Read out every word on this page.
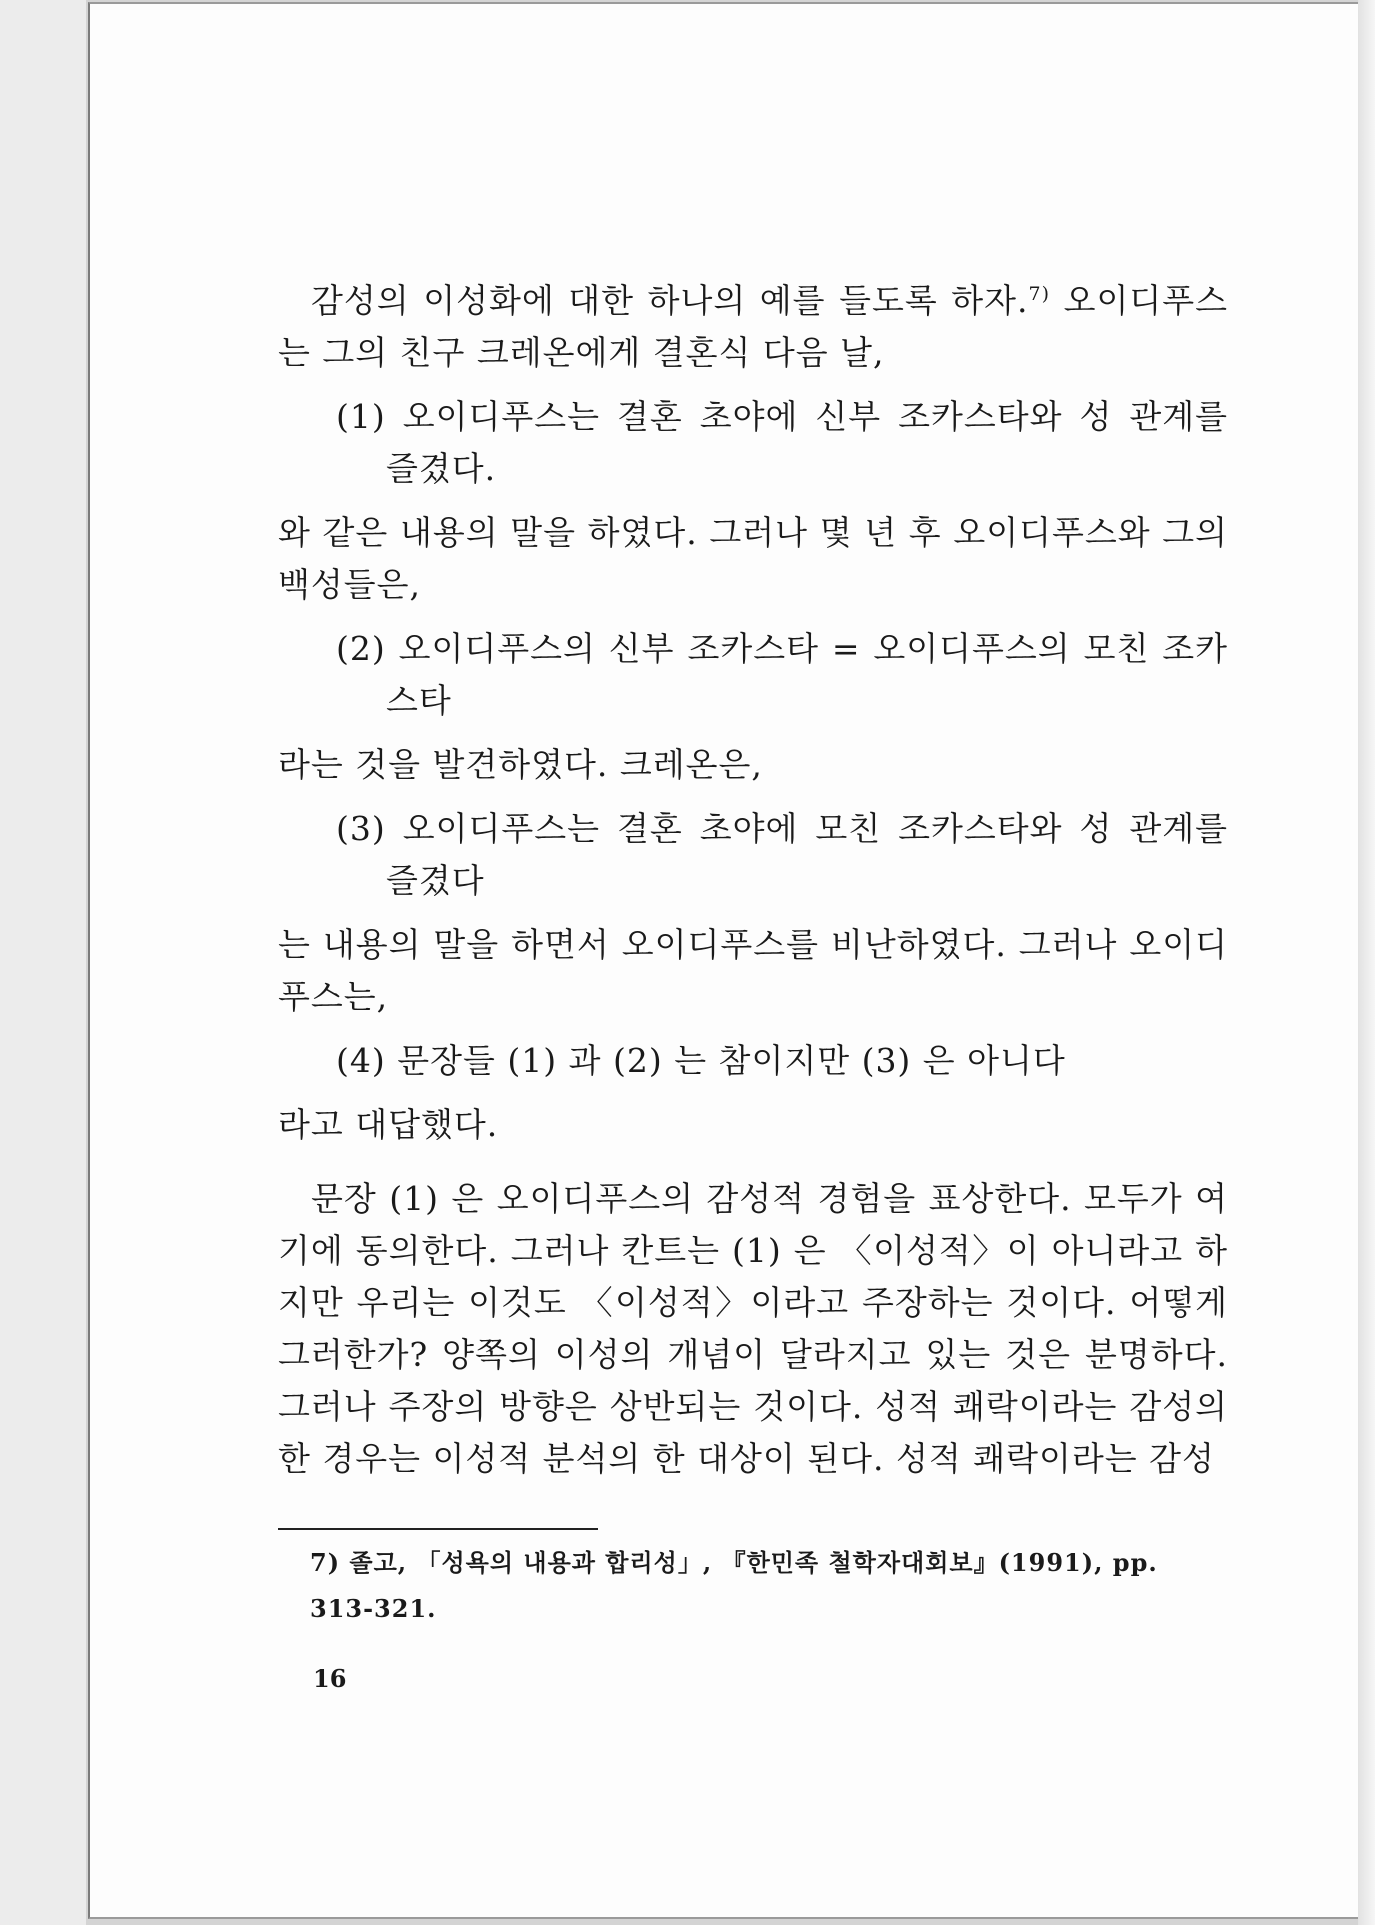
감성의 이성화에 대한 하나의 예를 들도록 하자.$^{7)}$ 오이디푸스는 그의 친구 크레온에게 결혼식 다음 날,

(1) 오이디푸스는 결혼 초야에 신부 조카스타와 성 관계를 즐겼다.

와 같은 내용의 말을 하였다. 그러나 몇 년 후 오이디푸스와 그의 백성들은,

(2) 오이디푸스의 신부 조카스타 = 오이디푸스의 모친 조카스타

라는 것을 발견하였다. 크레온은,

(3) 오이디푸스는 결혼 초야에 모친 조카스타와 성 관계를 즐겼다

는 내용의 말을 하면서 오이디푸스를 비난하였다. 그러나 오이디푸스는,

(4) 문장들 (1) 과 (2) 는 참이지만 (3) 은 아니다

라고 대답했다.

문장 (1) 은 오이디푸스의 감성적 경험을 표상한다. 모두가 여기에 동의한다. 그러나 칸트는 (1) 은 〈이성적〉이 아니라고 하지만 우리는 이것도 〈이성적〉이라고 주장하는 것이다. 어떻게 그러한가? 양쪽의 이성의 개념이 달라지고 있는 것은 분명하다. 그러나 주장의 방향은 상반되는 것이다. 성적 쾌락이라는 감성의 한 경우는 이성적 분석의 한 대상이 된다. 성적 쾌락이라는 감성

7) 졸고, 「성욕의 내용과 합리성」, 『한민족 철학자대회보』(1991), pp.
313-321.
16
